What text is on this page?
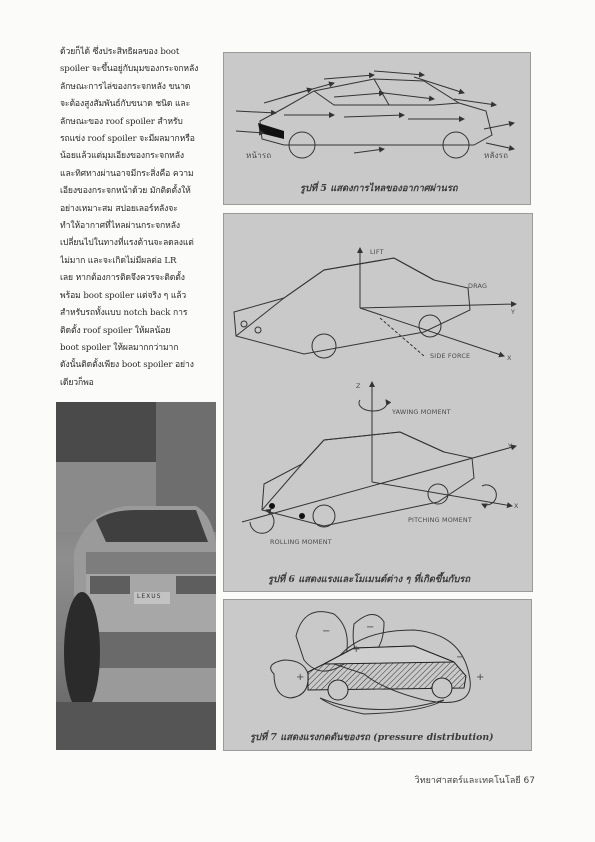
ด้วยก็ได้ ซึ่งประสิทธิผลของ boot
spoiler จะขึ้นอยู่กับมุมของกระจกหลัง
ลักษณะการไล่ของกระจกหลัง ขนาด
จะต้องสูงสัมพันธ์กับขนาด ชนิด และ
ลักษณะของ roof spoiler สำหรับ
รถแข่ง roof spoiler จะมีผลมากหรือ
น้อยแล้วแต่มุมเอียงของกระจกหลัง
และทิศทางผ่านอาจมีกระสิ่งคือ ความ
เอียงของกระจกหน้าด้วย มักติดตั้งให้
อย่างเหมาะสม สปอยเลอร์หลังจะ
ทำให้อากาศที่ไหลผ่านกระจกหลัง
เปลี่ยนไปในทางที่แรงต้านจะลดลงแต่
ไม่มาก และจะเกิดไม่มีผลต่อ LR
เลย หากต้องการติดจึงควรจะติดตั้ง
พร้อม boot spoiler แต่จริง ๆ แล้ว
สำหรับรถทั้งแบบ notch back การ
ติดตั้ง roof spoiler ให้ผลน้อย
boot spoiler ให้ผลมากกว่ามาก
ดังนั้นติดตั้งเพียง boot spoiler อย่าง
เดียวก็พอ
LEXUS
หน้ารถ	หลังรถ
รูปที่ 5 แสดงการไหลของอากาศผ่านรถ
LIFT
DRAG
Y
SIDE FORCE	X
Z
YAWING MOMENT
Y
X
PITCHING MOMENT
ROLLING MOMENT
รูปที่ 6 แสดงแรงและโมเมนต์ต่าง ๆ ที่เกิดขึ้นกับรถ
+
−	−
+
−
−
+
รูปที่ 7 แสดงแรงกดดันของรถ (pressure distribution)
วิทยาศาสตร์และเทคโนโลยี 67
